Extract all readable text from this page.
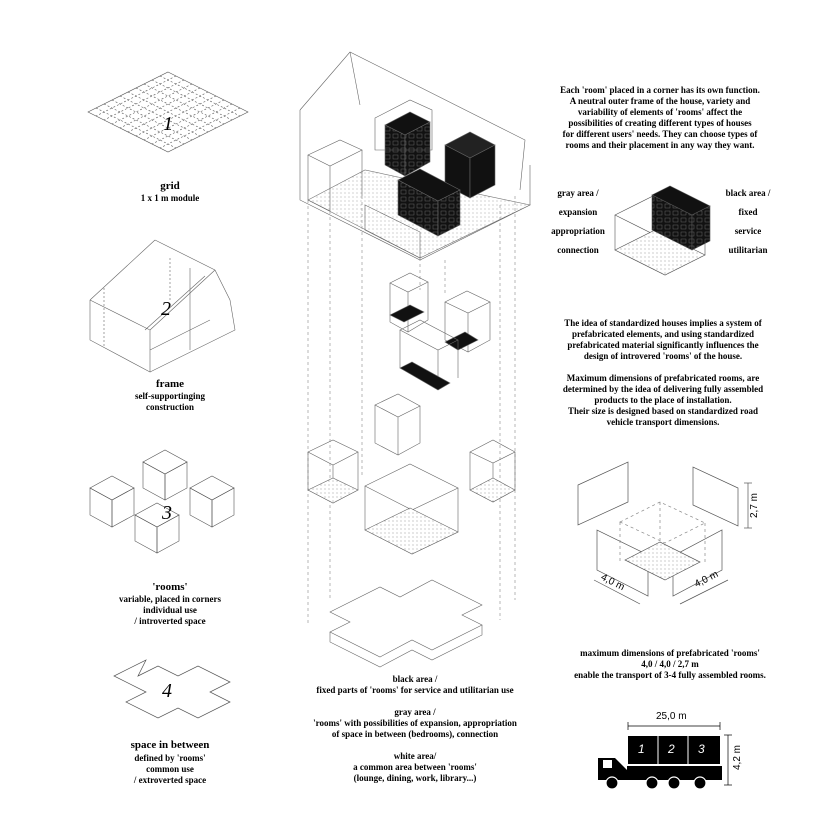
1
grid
1 x 1 m module
2
frame
self-supportinging
construction
3
'rooms'
variable, placed in corners
individual use
/ introverted space
4
space in between
defined by 'rooms'
common use
/ extroverted space
Each 'room' placed in a corner has its own function.
A neutral outer frame of the house, variety and
variability of elements of 'rooms' affect the
possibilities of creating different types of houses
for different users' needs. They can choose types of
rooms and their placement in any way they want.
gray area /
expansion
appropriation
connection
black area /
fixed
service
utilitarian
The idea of standardized houses implies a system of
prefabricated elements, and using standardized
prefabricated material significantly influences the
design of introvered 'rooms' of the house.

Maximum dimensions of prefabricated rooms, are
determined by the idea of delivering fully assembled
products to the place of installation.
Their size is designed based on standardized road
vehicle transport dimensions.
4,0 m	4,0 m
2,7 m
maximum dimensions of prefabricated 'rooms'
4,0 / 4,0 / 2,7 m
enable the transport of 3-4 fully assembled rooms.
black area /
fixed parts of 'rooms' for service and utilitarian use

gray area /
'rooms' with possibilities of expansion, appropriation
of space in between (bedrooms), connection

white area/
a common area between 'rooms'
(lounge, dining, work, library...)
25,0 m
4,2 m
1 2 3
